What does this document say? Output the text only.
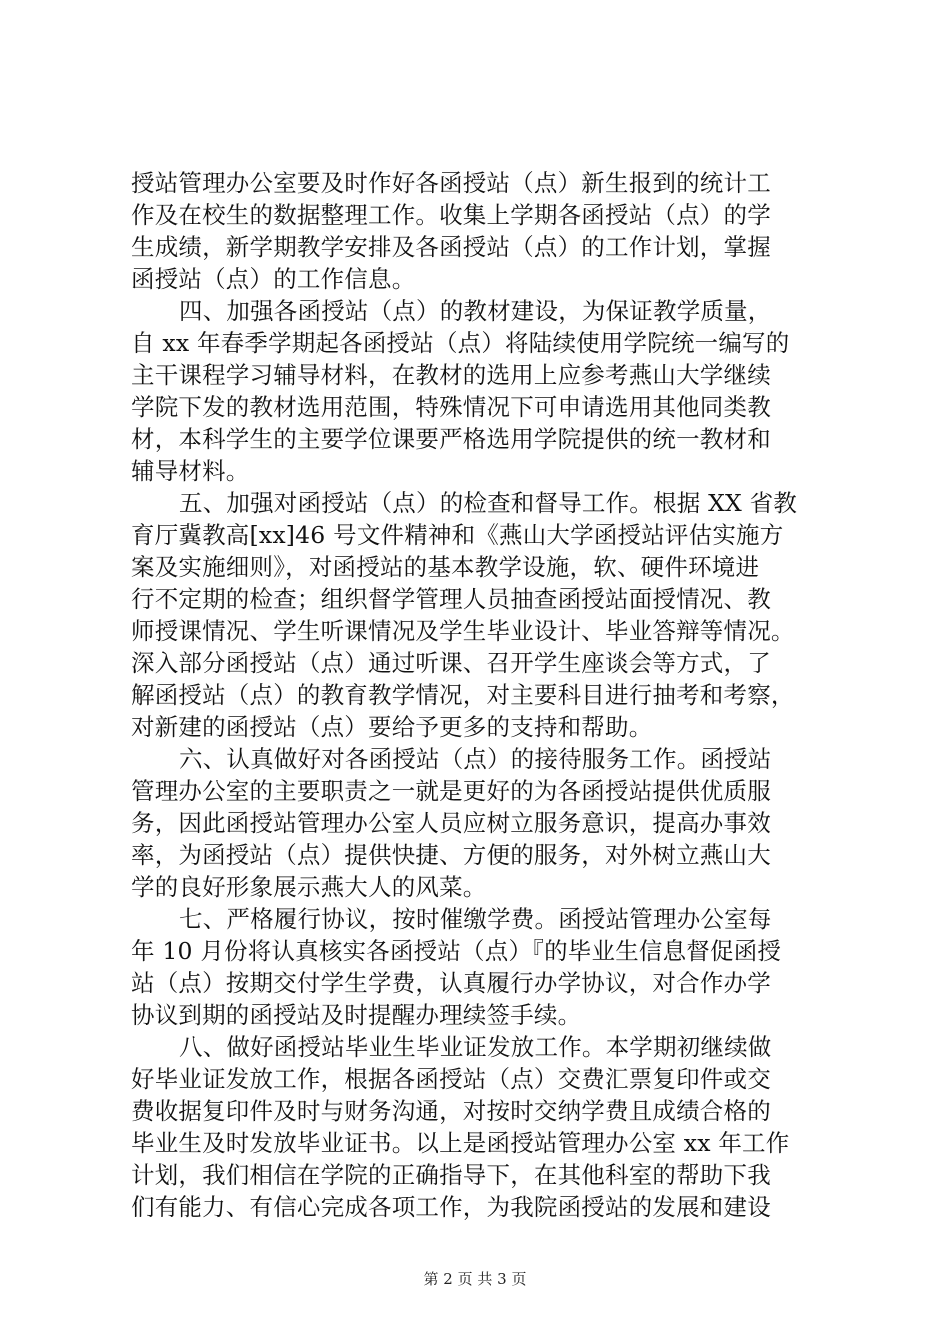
授站管理办公室要及时作好各函授站（点）新生报到的统计工
作及在校生的数据整理工作。收集上学期各函授站（点）的学
生成绩，新学期教学安排及各函授站（点）的工作计划，掌握
函授站（点）的工作信息。
四、加强各函授站（点）的教材建设，为保证教学质量，
自 xx 年春季学期起各函授站（点）将陆续使用学院统一编写的
主干课程学习辅导材料，在教材的选用上应参考燕山大学继续
学院下发的教材选用范围，特殊情况下可申请选用其他同类教
材，本科学生的主要学位课要严格选用学院提供的统一教材和
辅导材料。
五、加强对函授站（点）的检查和督导工作。根据 XX 省教
育厅冀教高[xx]46 号文件精神和《燕山大学函授站评估实施方
案及实施细则》，对函授站的基本教学设施，软、硬件环境进
行不定期的检查；组织督学管理人员抽查函授站面授情况、教
师授课情况、学生听课情况及学生毕业设计、毕业答辩等情况。
深入部分函授站（点）通过听课、召开学生座谈会等方式，了
解函授站（点）的教育教学情况，对主要科目进行抽考和考察，
对新建的函授站（点）要给予更多的支持和帮助。
六、认真做好对各函授站（点）的接待服务工作。函授站
管理办公室的主要职责之一就是更好的为各函授站提供优质服
务，因此函授站管理办公室人员应树立服务意识，提高办事效
率，为函授站（点）提供快捷、方便的服务，对外树立燕山大
学的良好形象展示燕大人的风菜。
七、严格履行协议，按时催缴学费。函授站管理办公室每
年 10 月份将认真核实各函授站（点）『的毕业生信息督促函授
站（点）按期交付学生学费，认真履行办学协议，对合作办学
协议到期的函授站及时提醒办理续签手续。
八、做好函授站毕业生毕业证发放工作。本学期初继续做
好毕业证发放工作，根据各函授站（点）交费汇票复印件或交
费收据复印件及时与财务沟通，对按时交纳学费且成绩合格的
毕业生及时发放毕业证书。以上是函授站管理办公室 xx 年工作
计划，我们相信在学院的正确指导下，在其他科室的帮助下我
们有能力、有信心完成各项工作，为我院函授站的发展和建设
第 2 页 共 3 页
